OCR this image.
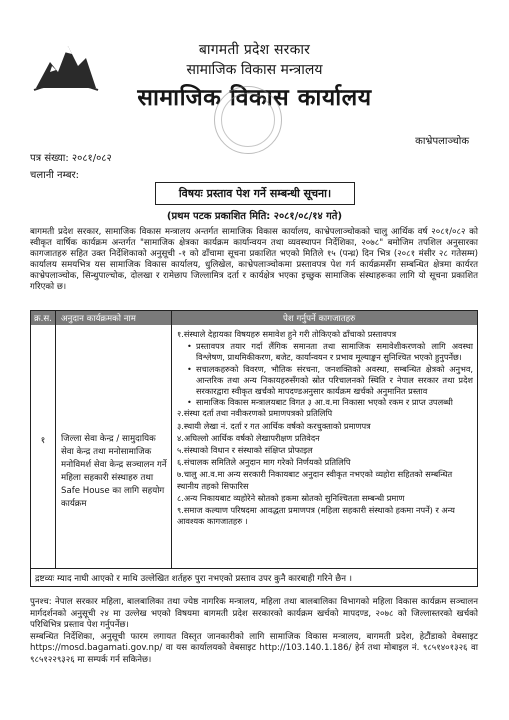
बागमती प्रदेश सरकार
सामाजिक विकास मन्त्रालय
सामाजिक विकास कार्यालय
काभ्रेपलाञ्चोक
पत्र संख्या: २०८१/०८२
चलानी नम्बर:
विषयः प्रस्ताव पेश गर्ने सम्बन्धी सूचना।
(प्रथम पटक प्रकाशित मिति: २०८१/०८/१४ गते)
बागमती प्रदेश सरकार, सामाजिक विकास मन्त्रालय अन्तर्गत सामाजिक विकास कार्यालय, काभ्रेपलाञ्चोकको चालु आर्थिक वर्ष २०८१/०८२ को स्वीकृत वार्षिक कार्यक्रम अन्तर्गत "सामाजिक क्षेत्रका कार्यक्रम कार्यान्वयन तथा व्यवस्थापन निर्देशिका, २०७८" बमोजिम तपशिल अनुसारका कागजातहरु सहित उक्त निर्देशिकाको अनुसूची -१ को ढाँचामा सूचना प्रकाशित भएको मितिले १५ (पन्ध्र) दिन भित्र (२०८१ मंसीर २८ गतेसम्म) कार्यालय समयभित्र यस सामाजिक विकास कार्यालय, धुलिखेल, काभ्रेपलाञ्चोकमा प्रस्तावपत्र पेश गर्न कार्यक्रमसँग सम्बन्धित क्षेत्रमा कार्यरत काभ्रेपलाञ्चोक, सिन्धुपाल्चोक, दोलखा र रामेछाप जिल्लामित्र दर्ता र कार्यक्षेत्र भएका इच्छुक सामाजिक संस्थाहरूका लागि यो सूचना प्रकाशित गरिएको छ।
क्र.स. अनुदान कार्यक्रमको नाम	पेश गर्नुपर्ने कागजातहरु
१	जिल्ला सेवा केन्द्र / सामुदायिक सेवा केन्द्र तथा मनोसामाजिक मनोविमर्श सेवा केन्द्र सञ्चालन गर्ने महिला सहकारी संस्थाहरु तथा Safe House का लागि सहयोग कार्यक्रम
१.संस्थाले देहायका विषयहरु समावेश हुने गरी तोकिएको ढाँचाको प्रस्तावपत्र
• प्रस्तावपत्र तयार गर्दा लैंगिक समानता तथा सामाजिक समावेशीकरणको लागि अवस्था विश्लेषण, प्राथमिकीकरण, बजेट, कार्यान्वयन र प्रभाव मूल्याङ्कन सुनिश्चित भएको हुनुपर्नेछ।
• सचालकहरुको विवरण, भौतिक संरचना, जनशक्तिको अवस्था, सम्बन्धित क्षेत्रको अनुभव, आन्तरिक तथा अन्य निकायहरुसँगको स्रोत परिचालनको स्थिति र नेपाल सरकार तथा प्रदेश सरकारद्वारा स्वीकृत खर्चको मापदण्डअनुसार कार्यक्रम खर्चको अनुमानित प्रस्ताव
• सामाजिक विकास मन्त्रालयबाट विगत ३ आ.व.मा निकासा भएको रकम र प्राप्त उपलब्धी
२.संस्था दर्ता तथा नवीकरणको प्रमाणपत्रको प्रतिलिपि
३.स्थायी लेखा नं. दर्ता र गत आर्थिक वर्षको करचुक्ताको प्रमाणपत्र
४.अघिल्लो आर्थिक वर्षको लेखापरीक्षण प्रतिवेदन
५.संस्थाको विधान र संस्थाको संक्षिप्त प्रोफाइल
६.संचालक समितिले अनुदान माग गरेको निर्णयको प्रतिलिपि
७.चालु आ.व.मा अन्य सरकारी निकायबाट अनुदान स्वीकृत नभएको व्यहोरा सहितको सम्बन्धित स्थानीय तहको सिफारिस
८.अन्य निकायबाट व्यहोरेने स्रोतको हकमा स्रोतको सुनिश्चितता सम्बन्धी प्रमाण
९.समाज कल्याण परिषदमा आवद्धता प्रमाणपत्र (महिला सहकारी संस्थाको हकमा नपर्ने) र अन्य आवश्यक कागजातहरु ।
द्रष्टव्यः म्याद नाघी आएको र माथि उल्लेखित शर्तहरु पुरा नभएको प्रस्ताव उपर कुनै कारबाही गरिने छैन ।
पुनश्च: नेपाल सरकार महिला, बालबालिका तथा ज्येष्ठ नागरिक मन्त्रालय, महिला तथा बालबालिका विभागको महिला विकास कार्यक्रम सञ्चालन मार्गदर्शनको अनुसूची २४ मा उल्लेख भएको विषयमा बागमती प्रदेश सरकारको कार्यक्रम खर्चको मापदण्ड, २०७८ को जिल्लास्तरको खर्चको परिधिभित्र प्रस्ताव पेश गर्नुपर्नेछ।
सम्बन्धित निर्देशिका, अनुसूची फारम लगायत विस्तृत जानकारीको लागि सामाजिक विकास मन्त्रालय, बागमती प्रदेश, हेटौंडाको वेबसाइट https://mosd.bagamati.gov.np/ वा यस कार्यालयको वेबसाइट http://103.140.1.186/ हेर्न तथा मोबाइल नं. ९८५१४०१३२६ वा ९८५१२२९३२६ मा सम्पर्क गर्न सकिनेछ।
